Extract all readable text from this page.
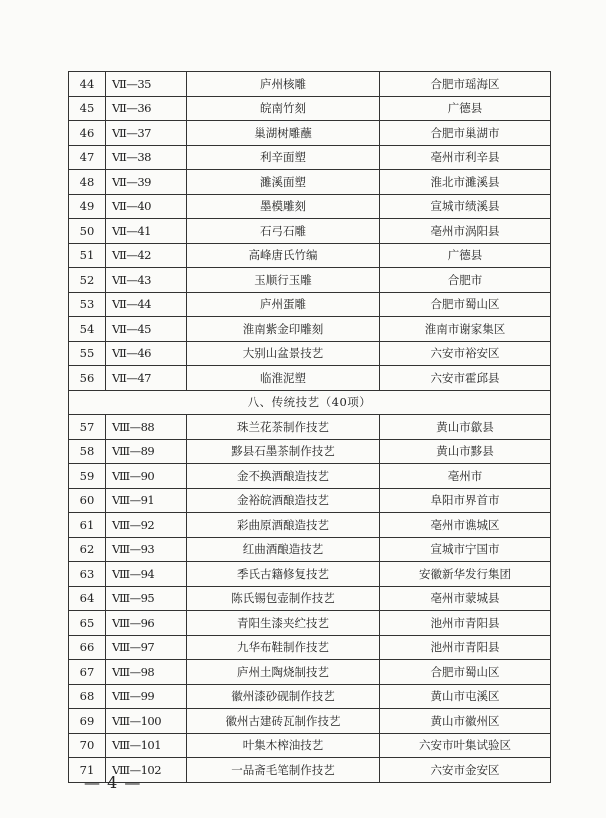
44	Ⅶ—35	庐州核雕	合肥市瑶海区
45	Ⅶ—36	皖南竹刻	广德县
46	Ⅶ—37	巢湖树雕蘸	合肥市巢湖市
47	Ⅶ—38	利辛面塑	亳州市利辛县
48	Ⅶ—39	濉溪面塑	淮北市濉溪县
49	Ⅶ—40	墨模雕刻	宣城市绩溪县
50	Ⅶ—41	石弓石雕	亳州市涡阳县
51	Ⅶ—42	高峰唐氏竹编	广德县
52	Ⅶ—43	玉顺行玉雕	合肥市
53	Ⅶ—44	庐州蛋雕	合肥市蜀山区
54	Ⅶ—45	淮南紫金印雕刻	淮南市谢家集区
55	Ⅶ—46	大别山盆景技艺	六安市裕安区
56	Ⅶ—47	临淮泥塑	六安市霍邱县
八、传统技艺（40项）			
57	Ⅷ—88	珠兰花茶制作技艺	黄山市歙县
58	Ⅷ—89	黟县石墨茶制作技艺	黄山市黟县
59	Ⅷ—90	金不换酒酿造技艺	亳州市
60	Ⅷ—91	金裕皖酒酿造技艺	阜阳市界首市
61	Ⅷ—92	彩曲原酒酿造技艺	亳州市谯城区
62	Ⅷ—93	红曲酒酿造技艺	宣城市宁国市
63	Ⅷ—94	季氏古籍修复技艺	安徽新华发行集团
64	Ⅷ—95	陈氏锡包壶制作技艺	亳州市蒙城县
65	Ⅷ—96	青阳生漆夹纻技艺	池州市青阳县
66	Ⅷ—97	九华布鞋制作技艺	池州市青阳县
67	Ⅷ—98	庐州土陶烧制技艺	合肥市蜀山区
68	Ⅷ—99	徽州漆砂砚制作技艺	黄山市屯溪区
69	Ⅷ—100	徽州古建砖瓦制作技艺	黄山市徽州区
70	Ⅷ—101	叶集木榨油技艺	六安市叶集试验区
71	Ⅷ—102	一品斋毛笔制作技艺	六安市金安区
— 4 —
